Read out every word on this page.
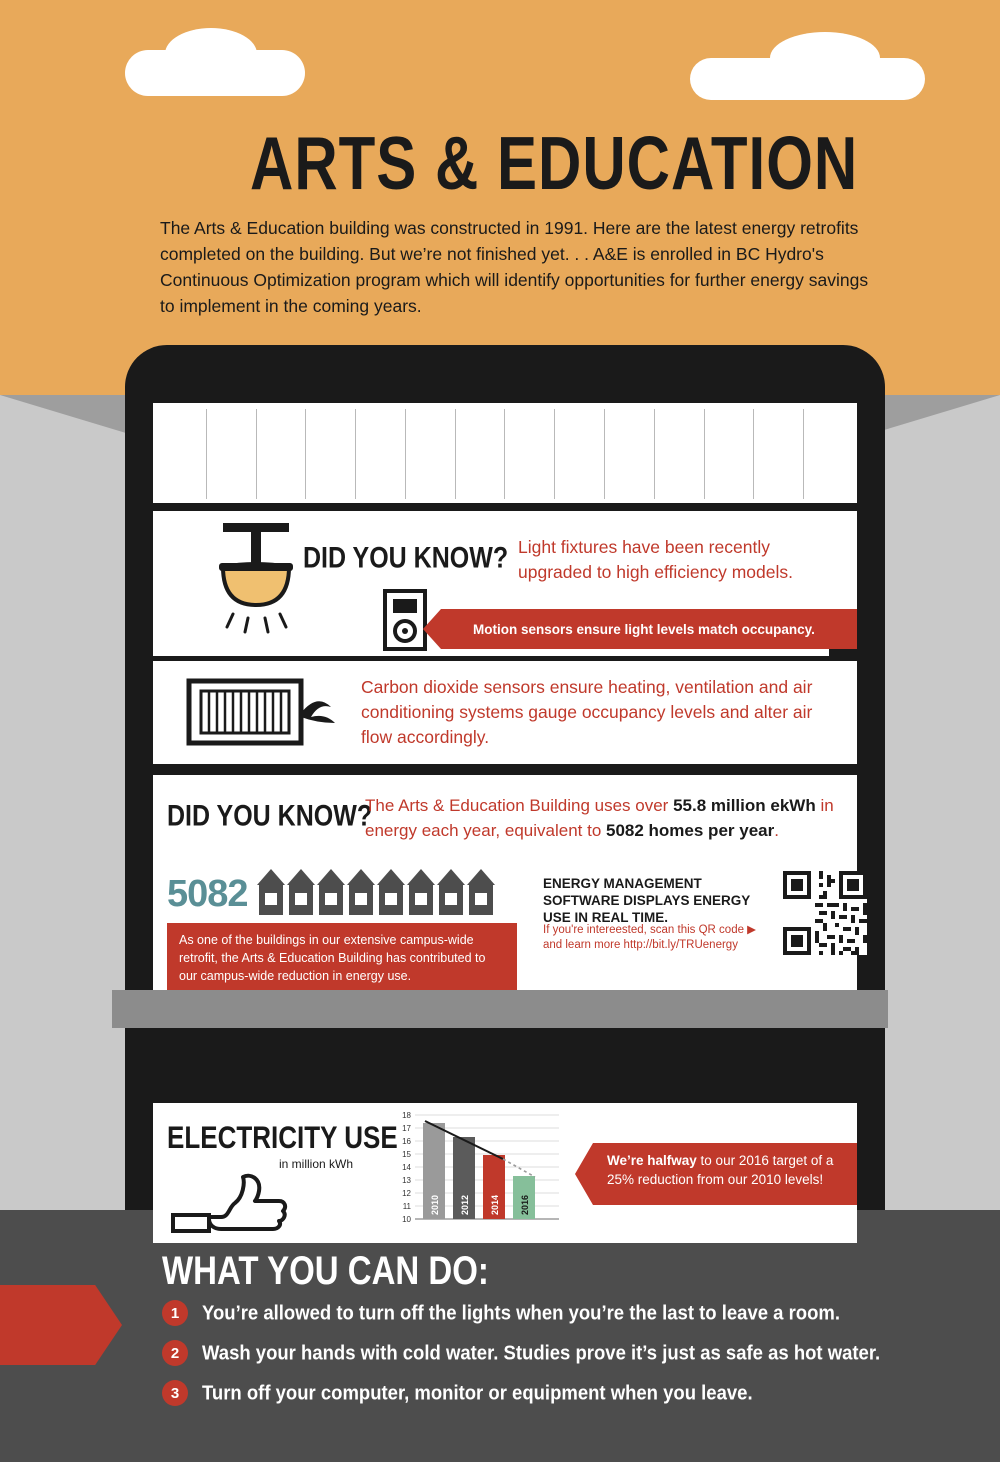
ARTS & EDUCATION
The Arts & Education building was constructed in 1991. Here are the latest energy retrofits completed on the building. But we’re not finished yet. . . A&E is enrolled in BC Hydro's Continuous Optimization program which will identify opportunities for further energy savings to implement in the coming years.
DID YOU KNOW? Light fixtures have been recently upgraded to high efficiency models.
Motion sensors ensure light levels match occupancy.
Carbon dioxide sensors ensure heating, ventilation and air conditioning systems gauge occupancy levels and alter air flow accordingly.
DID YOU KNOW?
The Arts & Education Building uses over 55.8 million ekWh in energy each year, equivalent to 5082 homes per year.
5082
As one of the buildings in our extensive campus-wide retrofit, the Arts & Education Building has contributed to our campus-wide reduction in energy use.
ENERGY MANAGEMENT SOFTWARE DISPLAYS ENERGY USE IN REAL TIME.
If you're intereested, scan this QR code ▶ and learn more http://bit.ly/TRUenergy
ELECTRICITY USE
in million kWh
18
17
16
15
14
13
12
11
10
2010 2012 2014 2016
We’re halfway to our 2016 target of a 25% reduction from our 2010 levels!
WHAT YOU CAN DO:
1	You’re allowed to turn off the lights when you’re the last to leave a room.
2	Wash your hands with cold water. Studies prove it’s just as safe as hot water.
3	Turn off your computer, monitor or equipment when you leave.
